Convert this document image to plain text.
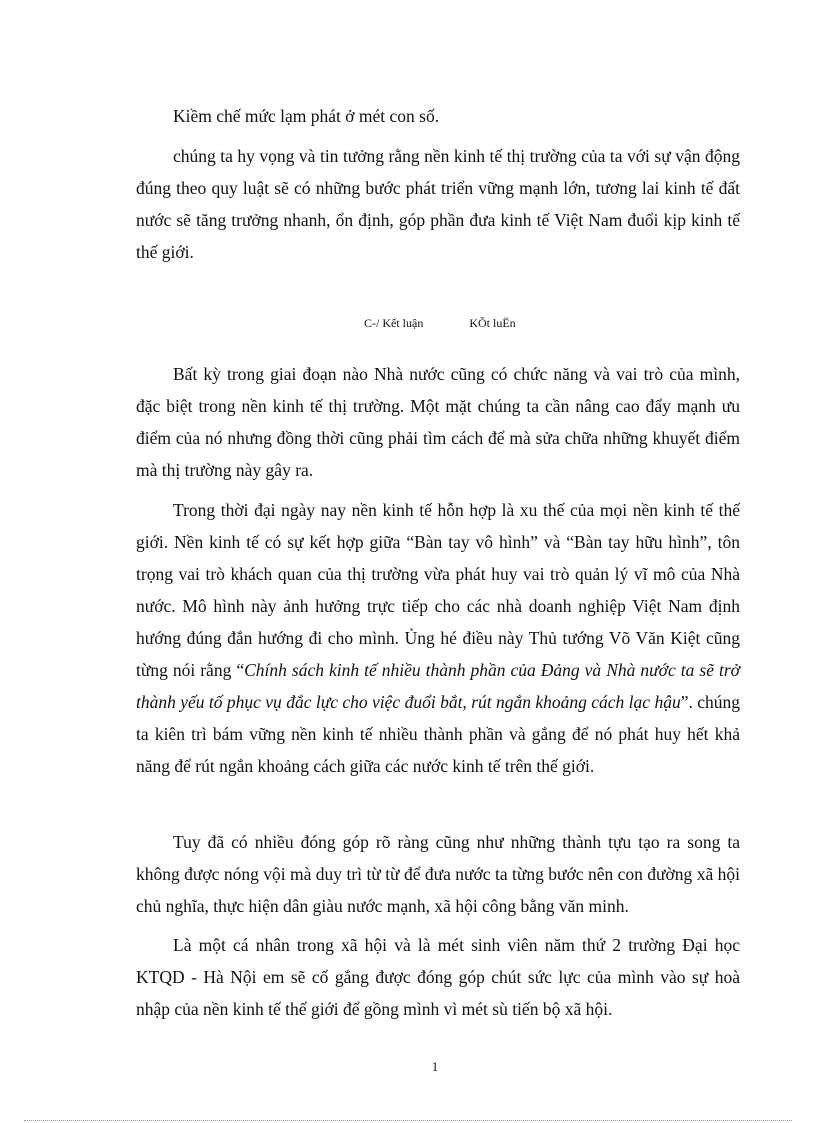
Kiềm chế mức lạm phát ở mét con số.

chúng ta hy vọng và tin tưởng rằng nền kinh tế thị trường của ta với sự vận động đúng theo quy luật sẽ có những bước phát triển vững mạnh lớn, tương lai kinh tế đất nước sẽ tăng trưởng nhanh, ổn định, góp phần đưa kinh tế Việt Nam đuổi kịp kinh tế thế giới.

C-/ Kết luận	KÕt luËn

Bất kỳ trong giai đoạn nào Nhà nước cũng có chức năng và vai trò của mình, đặc biệt trong nền kinh tế thị trường. Một mặt chúng ta cần nâng cao đẩy mạnh ưu điểm của nó nhưng đồng thời cũng phải tìm cách để mà sửa chữa những khuyết điểm mà thị trường này gây ra.

Trong thời đại ngày nay nền kinh tế hỗn hợp là xu thế của mọi nền kinh tế thế giới. Nền kinh tế có sự kết hợp giữa “Bàn tay vô hình” và “Bàn tay hữu hình”, tôn trọng vai trò khách quan của thị trường vừa phát huy vai trò quản lý vĩ mô của Nhà nước. Mô hình này ảnh hưởng trực tiếp cho các nhà doanh nghiệp Việt Nam định hướng đúng đắn hướng đi cho mình. Ủng hé điều này Thủ tướng Võ Văn Kiệt cũng từng nói rằng “Chính sách kinh tế nhiều thành phần của Đảng và Nhà nước ta sẽ trở thành yếu tố phục vụ đắc lực cho việc đuổi bắt, rút ngắn khoảng cách lạc hậu”. chúng ta kiên trì bám vững nền kinh tế nhiều thành phần và gắng để nó phát huy hết khả năng để rút ngắn khoảng cách giữa các nước kinh tế trên thế giới.

Tuy đã có nhiều đóng góp rõ ràng cũng như những thành tựu tạo ra song ta không được nóng vội mà duy trì từ từ để đưa nước ta từng bước nên con đường xã hội chủ nghĩa, thực hiện dân giàu nước mạnh, xã hội công bằng văn minh.

Là một cá nhân trong xã hội và là mét sinh viên năm thứ 2 trường Đại học KTQD - Hà Nội em sẽ cố gắng được đóng góp chút sức lực của mình vào sự hoà nhập của nền kinh tế thế giới để gồng mình vì mét sù tiến bộ xã hội.

1
